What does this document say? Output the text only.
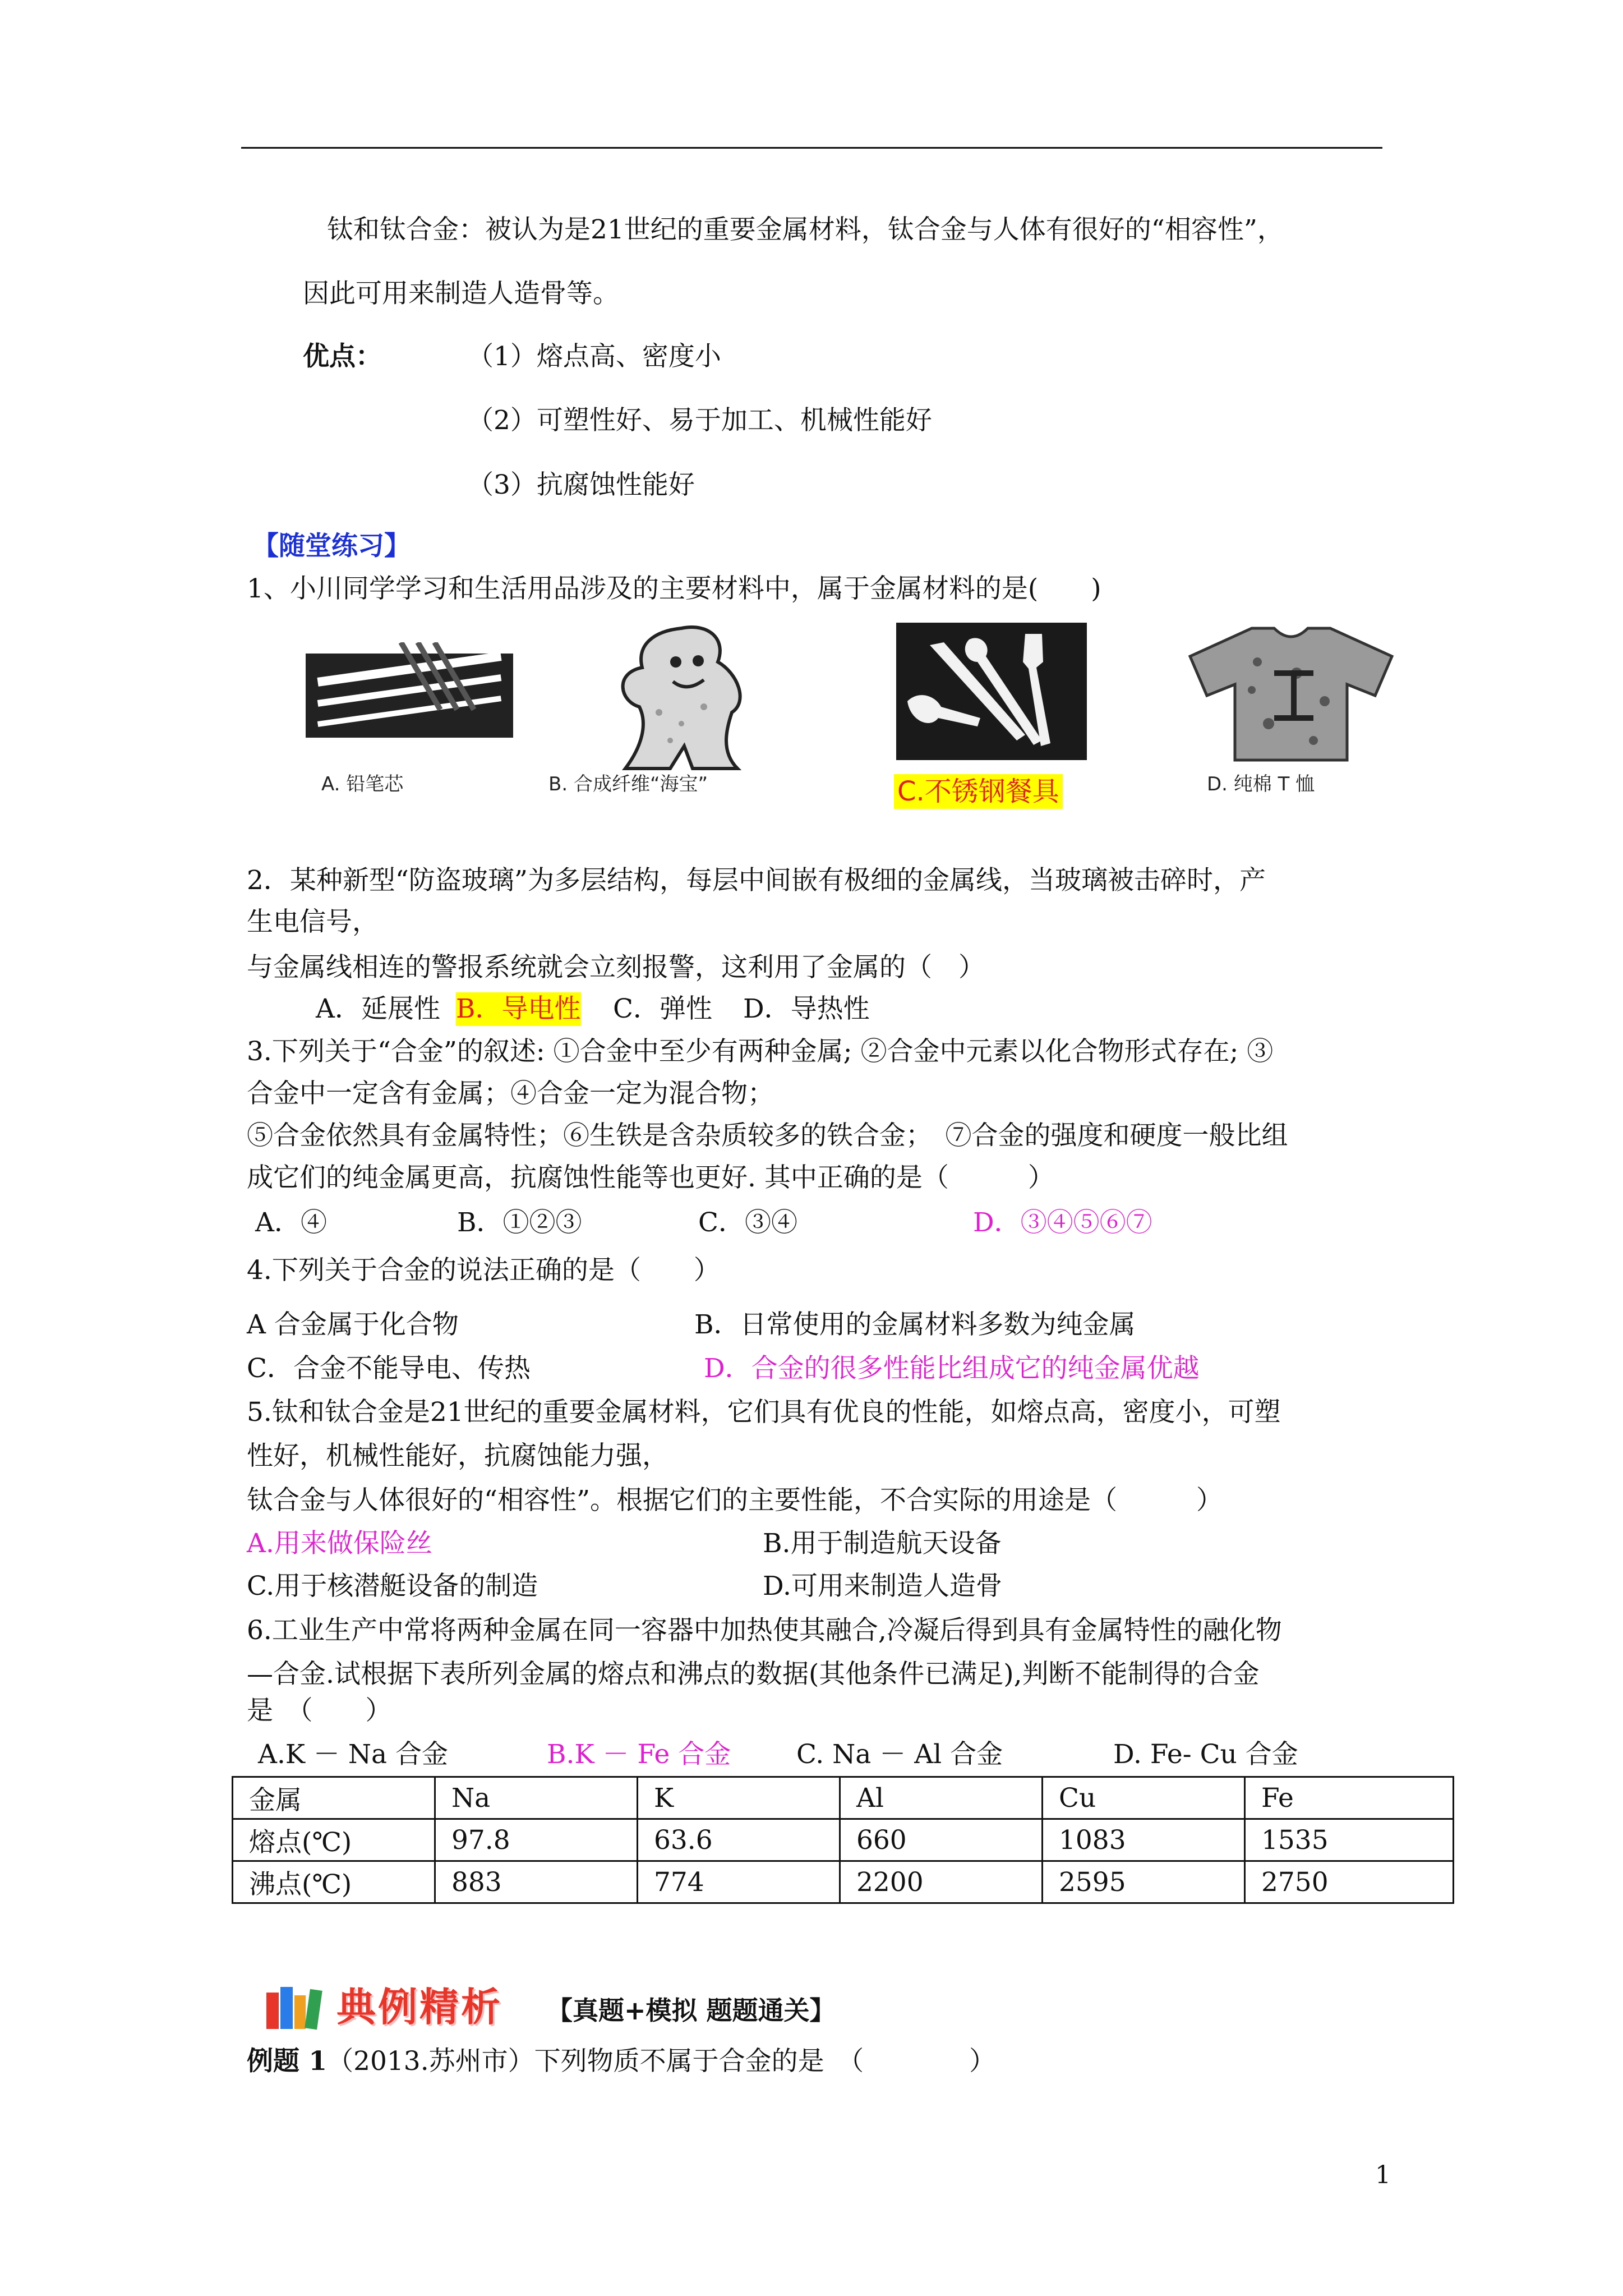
钛和钛合金：被认为是21世纪的重要金属材料，钛合金与人体有很好的“相容性”，
因此可用来制造人造骨等。
优点：	（1）熔点高、密度小
（2）可塑性好、易于加工、机械性能好
（3）抗腐蚀性能好
【随堂练习】
1、小川同学学习和生活用品涉及的主要材料中，属于金属材料的是(　　)
A. 铅笔芯	B. 合成纤维“海宝”	C.不锈钢餐具	D. 纯棉 T 恤
2．某种新型“防盗玻璃”为多层结构，每层中间嵌有极细的金属线，当玻璃被击碎时，产
生电信号，
与金属线相连的警报系统就会立刻报警，这利用了金属的（　）
A．延展性 B．导电性 C．弹性 D．导热性
3.下列关于“合金”的叙述: ①合金中至少有两种金属; ②合金中元素以化合物形式存在; ③
合金中一定含有金属；④合金一定为混合物；
⑤合金依然具有金属特性；⑥生铁是含杂质较多的铁合金；　⑦合金的强度和硬度一般比组
成它们的纯金属更高，抗腐蚀性能等也更好. 其中正确的是（　　　）
A．④	B．①②③	C．③④	D．③④⑤⑥⑦
4.下列关于合金的说法正确的是（　　）
A 合金属于化合物	B．日常使用的金属材料多数为纯金属
C．合金不能导电、传热	D．合金的很多性能比组成它的纯金属优越
5.钛和钛合金是21世纪的重要金属材料，它们具有优良的性能，如熔点高，密度小，可塑
性好，机械性能好，抗腐蚀能力强，
钛合金与人体很好的“相容性”。根据它们的主要性能，不合实际的用途是（　　　）
A.用来做保险丝	B.用于制造航天设备
C.用于核潜艇设备的制造	D.可用来制造人造骨
6.工业生产中常将两种金属在同一容器中加热使其融合,冷凝后得到具有金属特性的融化物
—合金.试根据下表所列金属的熔点和沸点的数据(其他条件已满足),判断不能制得的合金
是　（　　）
A.K － Na 合金	B.K － Fe 合金 C. Na － Al 合金	D. Fe- Cu 合金
金属	Na	K	Al	Cu	Fe
熔点(℃)	97.8	63.6	660	1083	1535
沸点(℃)	883	774	2200	2595	2750
典例精析 【真题+模拟 题题通关】
例题 1（2013.苏州市）下列物质不属于合金的是　（　　　　）
1
